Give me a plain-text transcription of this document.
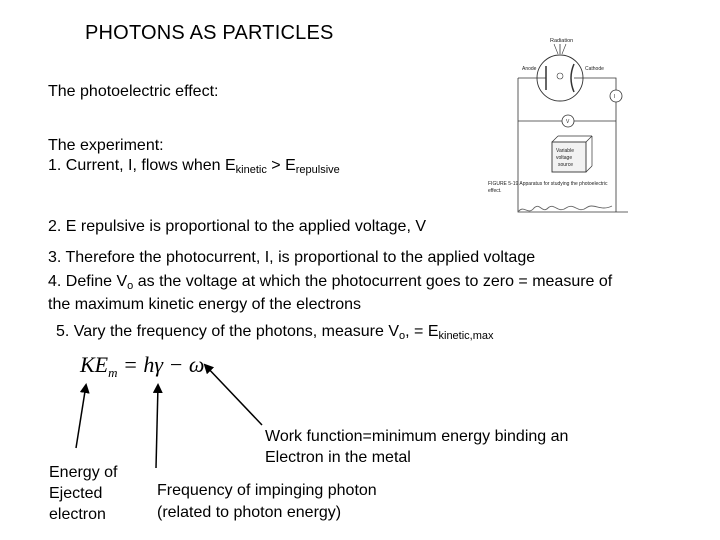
PHOTONS AS PARTICLES
The photoelectric effect:
The experiment:
1. Current, I, flows when $E_{kinetic} > E_{repulsive}$
2. E repulsive is proportional to the applied voltage, V
3. Therefore the photocurrent, I, is proportional to the applied voltage
4. Define $V_o$ as the voltage at which the photocurrent goes to zero = measure of
the maximum kinetic energy of the electrons
5. Vary the frequency of the photons, measure $V_o$, = $E_{kinetic,max}$
$KE_m = h\gamma - \omega$
Energy of
Ejected
electron
Frequency of impinging photon
(related to photon energy)
Work function=minimum energy binding an
Electron in the metal
Radiation
Anode	Cathode
I
V
Variable
voltage
source
FIGURE 5-19 Apparatus for studying the photoelectric
effect.
